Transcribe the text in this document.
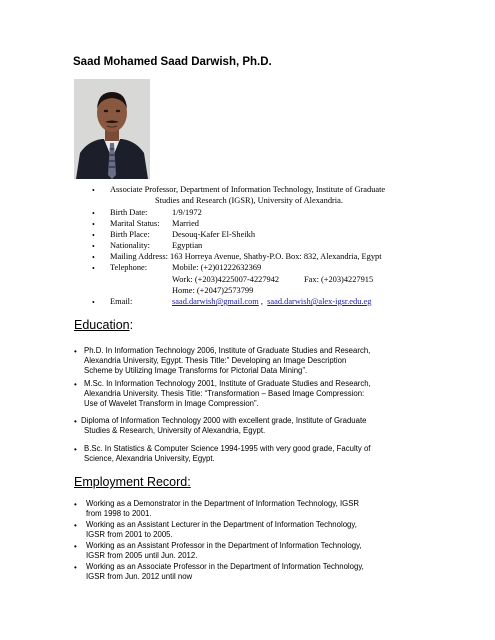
Saad Mohamed Saad Darwish, Ph.D.
• Associate Professor, Department of Information Technology, Institute of Graduate
Studies and Research (IGSR), University of Alexandria.
• Birth Date:	1/9/1972
• Marital Status: Married
• Birth Place:	Desouq-Kafer El-Sheikh
• Nationality:	Egyptian
• Mailing Address: 163 Horreya Avenue, Shatby-P.O. Box: 832, Alexandria, Egypt
• Telephone:	Mobile: (+2)01222632369
Work: (+203)4225007-4227942	Fax: (+203)4227915
Home: (+2047)2573799
• Email:	saad.darwish@gmail.com ,  saad.darwish@alex-igsr.edu.eg
Education:
• Ph.D. In Information Technology 2006, Institute of Graduate Studies and Research,
Alexandria University, Egypt. Thesis Title:” Developing an Image Description
Scheme by Utilizing Image Transforms for Pictorial Data Mining”.
• M.Sc. In Information Technology 2001, Institute of Graduate Studies and Research,
Alexandria University. Thesis Title: “Transformation – Based Image Compression:
Use of Wavelet Transform in Image Compression”.
• Diploma of Information Technology 2000 with excellent grade, Institute of Graduate
Studies & Research, University of Alexandria, Egypt.
• B.Sc. In Statistics & Computer Science 1994-1995 with very good grade, Faculty of
Science, Alexandria University, Egypt.
Employment Record:
• Working as a Demonstrator in the Department of Information Technology, IGSR
from 1998 to 2001.
• Working as an Assistant Lecturer in the Department of Information Technology,
IGSR from 2001 to 2005.
• Working as an Assistant Professor in the Department of Information Technology,
IGSR from 2005 until Jun. 2012.
• Working as an Associate Professor in the Department of Information Technology,
IGSR from Jun. 2012 until now
